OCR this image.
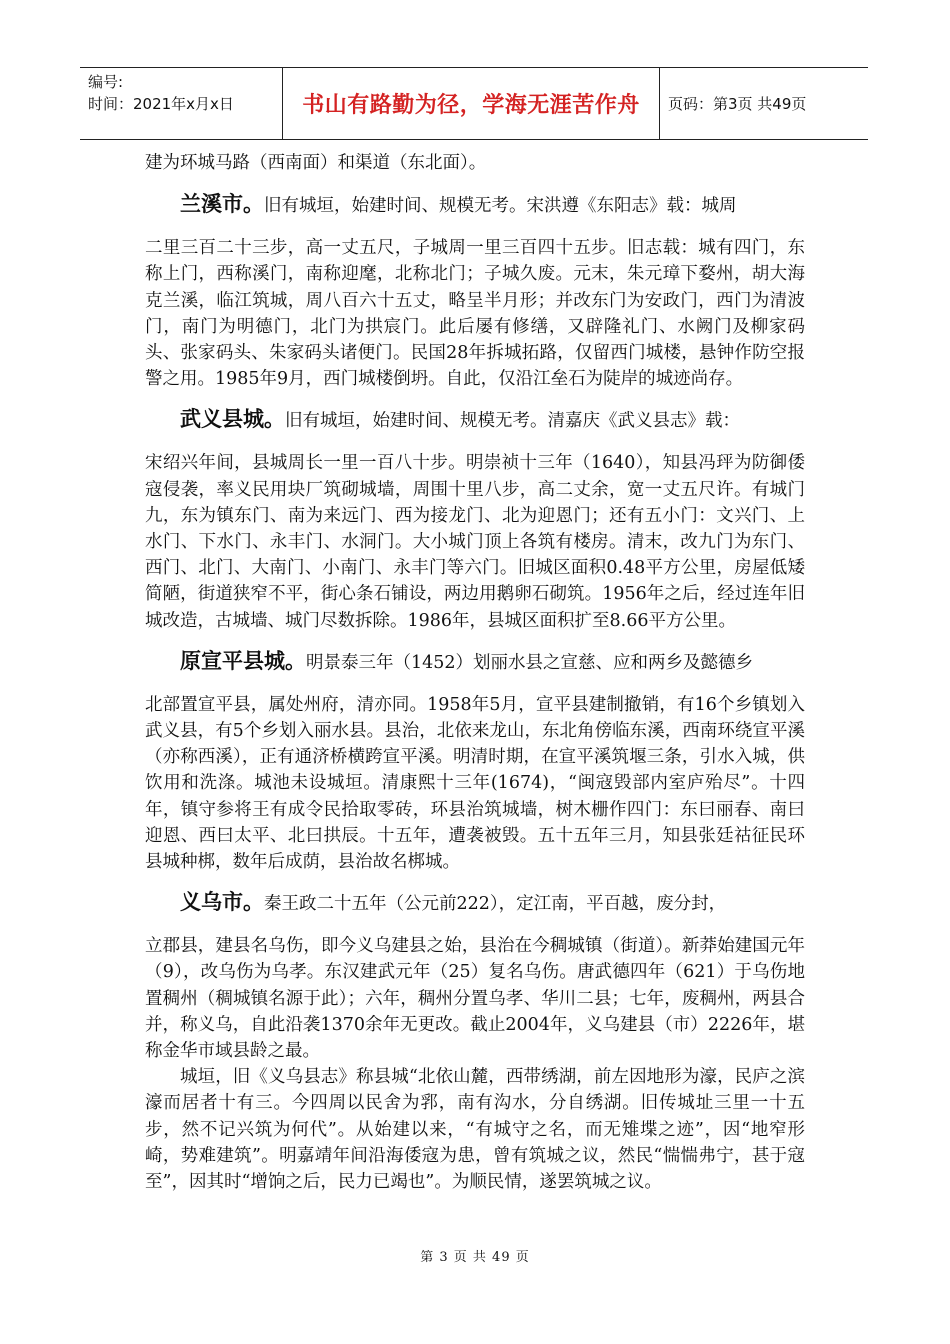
编号:
时间：2021年x月x日	书山有路勤为径，学海无涯苦作舟	页码：第3页 共49页

建为环城马路（西南面）和渠道（东北面）。

兰溪市。旧有城垣，始建时间、规模无考。宋洪遵《东阳志》载：城周

二里三百二十三步，高一丈五尺，子城周一里三百四十五步。旧志载：城有四门，东称上门，西称溪门，南称迎麾，北称北门；子城久废。元末，朱元璋下婺州，胡大海克兰溪，临江筑城，周八百六十五丈，略呈半月形；并改东门为安政门，西门为清波门，南门为明德门，北门为拱宸门。此后屡有修缮，又辟隆礼门、水阙门及柳家码头、张家码头、朱家码头诸便门。民国28年拆城拓路，仅留西门城楼，悬钟作防空报警之用。1985年9月，西门城楼倒坍。自此，仅沿江垒石为陡岸的城迹尚存。

武义县城。旧有城垣，始建时间、规模无考。清嘉庆《武义县志》载：

宋绍兴年间，县城周长一里一百八十步。明崇祯十三年（1640），知县冯玶为防御倭寇侵袭，率义民用块厂筑砌城墙，周围十里八步，高二丈余，宽一丈五尺许。有城门九，东为镇东门、南为来远门、西为接龙门、北为迎恩门；还有五小门：文兴门、上水门、下水门、永丰门、水洞门。大小城门顶上各筑有楼房。清末，改九门为东门、西门、北门、大南门、小南门、永丰门等六门。旧城区面积0.48平方公里，房屋低矮简陋，街道狭窄不平，街心条石铺设，两边用鹅卵石砌筑。1956年之后，经过连年旧城改造，古城墙、城门尽数拆除。1986年，县城区面积扩至8.66平方公里。

原宣平县城。明景泰三年（1452）划丽水县之宣慈、应和两乡及懿德乡

北部置宣平县，属处州府，清亦同。1958年5月，宣平县建制撤销，有16个乡镇划入武义县，有5个乡划入丽水县。县治，北依来龙山，东北角傍临东溪，西南环绕宣平溪（亦称西溪），正有通济桥横跨宣平溪。明清时期，在宣平溪筑堰三条，引水入城，供饮用和洗涤。城池未设城垣。清康熙十三年(1674)，“闽寇毁部内室庐殆尽”。十四年，镇守参将王有成令民拾取零砖，环县治筑城墙，树木栅作四门：东曰丽春、南曰迎恩、西曰太平、北曰拱辰。十五年，遭袭被毁。五十五年三月，知县张廷祜征民环县城种梆，数年后成荫，县治故名梆城。

义乌市。秦王政二十五年（公元前222），定江南，平百越，废分封，

立郡县，建县名乌伤，即今义乌建县之始，县治在今稠城镇（街道）。新莽始建国元年（9），改乌伤为乌孝。东汉建武元年（25）复名乌伤。唐武德四年（621）于乌伤地置稠州（稠城镇名源于此）；六年，稠州分置乌孝、华川二县；七年，废稠州，两县合并，称义乌，自此沿袭1370余年无更改。截止2004年，义乌建县（市）2226年，堪称金华市域县龄之最。

城垣，旧《义乌县志》称县城“北依山麓，西带绣湖，前左因地形为濠，民庐之滨濠而居者十有三。今四周以民舍为郛，南有沟水，分自绣湖。旧传城址三里一十五步，然不记兴筑为何代”。从始建以来，“有城守之名，而无雉堞之迹”，因“地窄形崎，势难建筑”。明嘉靖年间沿海倭寇为患，曾有筑城之议，然民“惴惴弗宁，甚于寇至”，因其时“增饷之后，民力已竭也”。为顺民情，遂罢筑城之议。

第 3 页 共 49 页
